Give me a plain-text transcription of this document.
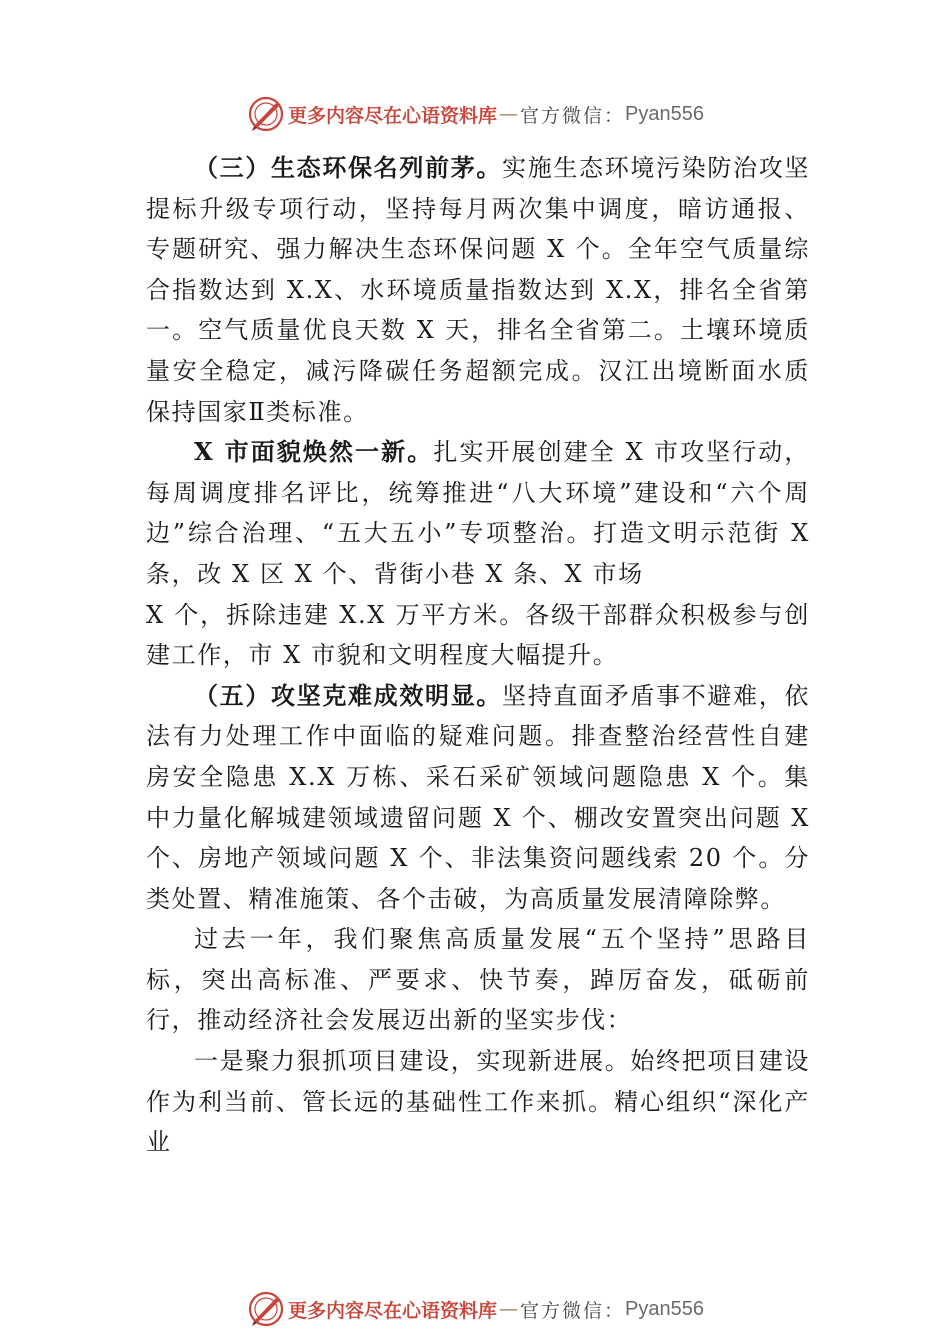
更多内容尽在心语资料库 — 官方微信： Pyan556

（三）生态环保名列前茅。实施生态环境污染防治攻坚提标升级专项行动，坚持每月两次集中调度，暗访通报、专题研究、强力解决生态环保问题 X 个。全年空气质量综合指数达到 X.X、水环境质量指数达到 X.X，排名全省第一。空气质量优良天数 X 天，排名全省第二。土壤环境质量安全稳定，减污降碳任务超额完成。汉江出境断面水质保持国家Ⅱ类标准。

X 市面貌焕然一新。扎实开展创建全 X 市攻坚行动，每周调度排名评比，统筹推进“八大环境”建设和“六个周边”综合治理、“五大五小”专项整治。打造文明示范街 X 条，改 X 区 X 个、背街小巷 X 条、X 市场

X 个，拆除违建 X.X 万平方米。各级干部群众积极参与创建工作，市 X 市貌和文明程度大幅提升。

（五）攻坚克难成效明显。坚持直面矛盾事不避难，依法有力处理工作中面临的疑难问题。排查整治经营性自建房安全隐患 X.X 万栋、采石采矿领域问题隐患 X 个。集中力量化解城建领域遗留问题 X 个、棚改安置突出问题 X 个、房地产领域问题 X 个、非法集资问题线索 20 个。分类处置、精准施策、各个击破，为高质量发展清障除弊。

过去一年，我们聚焦高质量发展“五个坚持”思路目标，突出高标准、严要求、快节奏，踔厉奋发，砥砺前行，推动经济社会发展迈出新的坚实步伐：

一是聚力狠抓项目建设，实现新进展。始终把项目建设作为利当前、管长远的基础性工作来抓。精心组织“深化产业

更多内容尽在心语资料库 — 官方微信： Pyan556
